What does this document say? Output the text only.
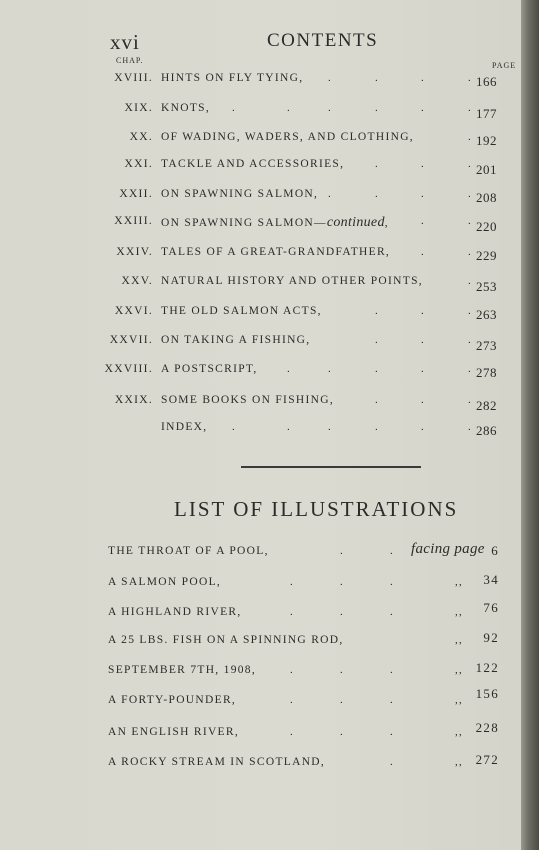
xvi	CONTENTS
CHAP.
PAGE
XVIII. HINTS ON FLY TYING, .	.	.	. 166
XIX. KNOTS, .	.	.	.	.	. 177
XX. OF WADING, WADERS, AND CLOTHING,	. 192
XXI. TACKLE AND ACCESSORIES,	.	.	. 201
XXII. ON SPAWNING SALMON, .	.	.	. 208
XXIII. ON SPAWNING SALMON—continued,	.	. 220
XXIV. TALES OF A GREAT-GRANDFATHER,	.	. 229
XXV. NATURAL HISTORY AND OTHER POINTS,	. 253
XXVI. THE OLD SALMON ACTS,	.	.	. 263
XXVII. ON TAKING A FISHING,	.	.	. 273
XXVIII. A POSTSCRIPT,	.	.	.	.	. 278
XXIX. SOME BOOKS ON FISHING,	.	.	. 282
INDEX, .	.	.	.	.	. 286
LIST OF ILLUSTRATIONS
THE THROAT OF A POOL,	.	. facing page 6
A SALMON POOL,	.	.	.	,, 34
A HIGHLAND RIVER,	.	.	.	,, 76
A 25 LBS. FISH ON A SPINNING ROD,	,, 92
SEPTEMBER 7TH, 1908,	.	.	.	,, 122
A FORTY-POUNDER,	.	.	.	,, 156
AN ENGLISH RIVER,	.	.	.	,, 228
A ROCKY STREAM IN SCOTLAND,	.	,, 272
